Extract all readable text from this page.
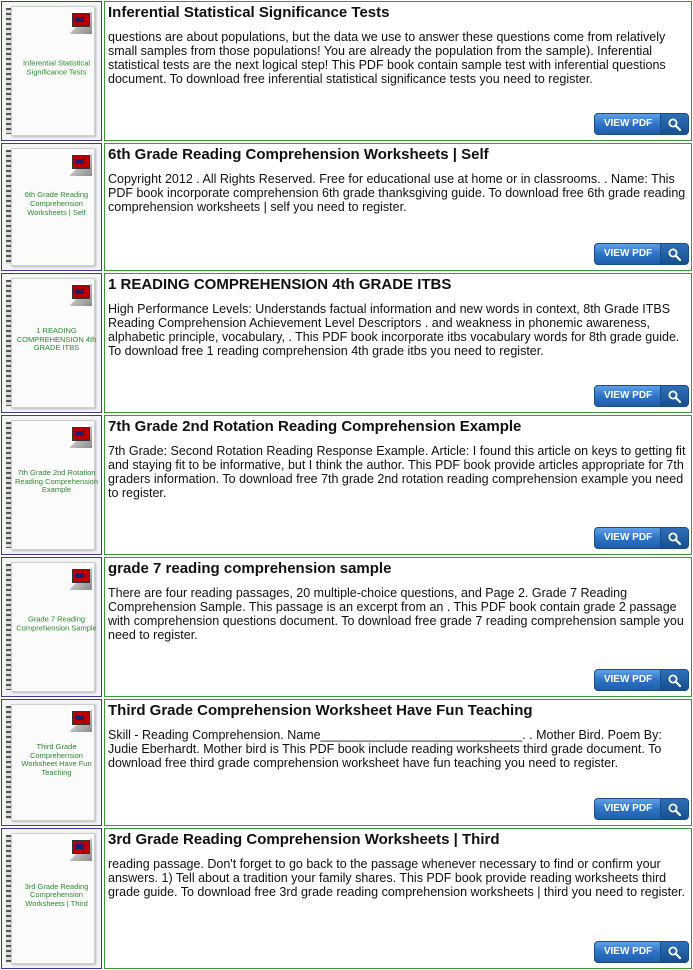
Inferential Statistical Significance Tests
Inferential Statistical Significance Tests

questions are about populations, but the data we use to answer these questions come from relatively small samples from those populations! You are already the population from the sample). Inferential statistical tests are the next logical step! This PDF book contain sample test with inferential questions document. To download free inferential statistical significance tests you need to register.

VIEW PDF
6th Grade Reading Comprehension Worksheets | Self
6th Grade Reading Comprehension Worksheets | Self

Copyright 2012 . All Rights Reserved. Free for educational use at home or in classrooms. . Name: This PDF book incorporate comprehension 6th grade thanksgiving guide. To download free 6th grade reading comprehension worksheets | self you need to register.

VIEW PDF
1 READING COMPREHENSION 4th GRADE ITBS
1 READING COMPREHENSION 4th GRADE ITBS

High Performance Levels: Understands factual information and new words in context, 8th Grade ITBS Reading Comprehension Achievement Level Descriptors . and weakness in phonemic awareness, alphabetic principle, vocabulary, . This PDF book incorporate itbs vocabulary words for 8th grade guide. To download free 1 reading comprehension 4th grade itbs you need to register.

VIEW PDF
7th Grade 2nd Rotation Reading Comprehension Example
7th Grade 2nd Rotation Reading Comprehension Example

7th Grade: Second Rotation Reading Response Example. Article: I found this article on keys to getting fit and staying fit to be informative, but I think the author. This PDF book provide articles appropriate for 7th graders information. To download free 7th grade 2nd rotation reading comprehension example you need to register.

VIEW PDF
Grade 7 Reading Comprehension Sample
grade 7 reading comprehension sample

There are four reading passages, 20 multiple-choice questions, and Page 2. Grade 7 Reading Comprehension Sample. This passage is an excerpt from an . This PDF book contain grade 2 passage with comprehension questions document. To download free grade 7 reading comprehension sample you need to register.

VIEW PDF
Third Grade Comprehension Worksheet Have Fun Teaching
Third Grade Comprehension Worksheet Have Fun Teaching

Skill - Reading Comprehension. Name_____________________________. . Mother Bird. Poem By: Judie Eberhardt. Mother bird is This PDF book include reading worksheets third grade document. To download free third grade comprehension worksheet have fun teaching you need to register.

VIEW PDF
3rd Grade Reading Comprehension Worksheets | Third
3rd Grade Reading Comprehension Worksheets | Third

reading passage. Don't forget to go back to the passage whenever necessary to find or confirm your answers. 1) Tell about a tradition your family shares. This PDF book provide reading worksheets third grade guide. To download free 3rd grade reading comprehension worksheets | third you need to register.

VIEW PDF
